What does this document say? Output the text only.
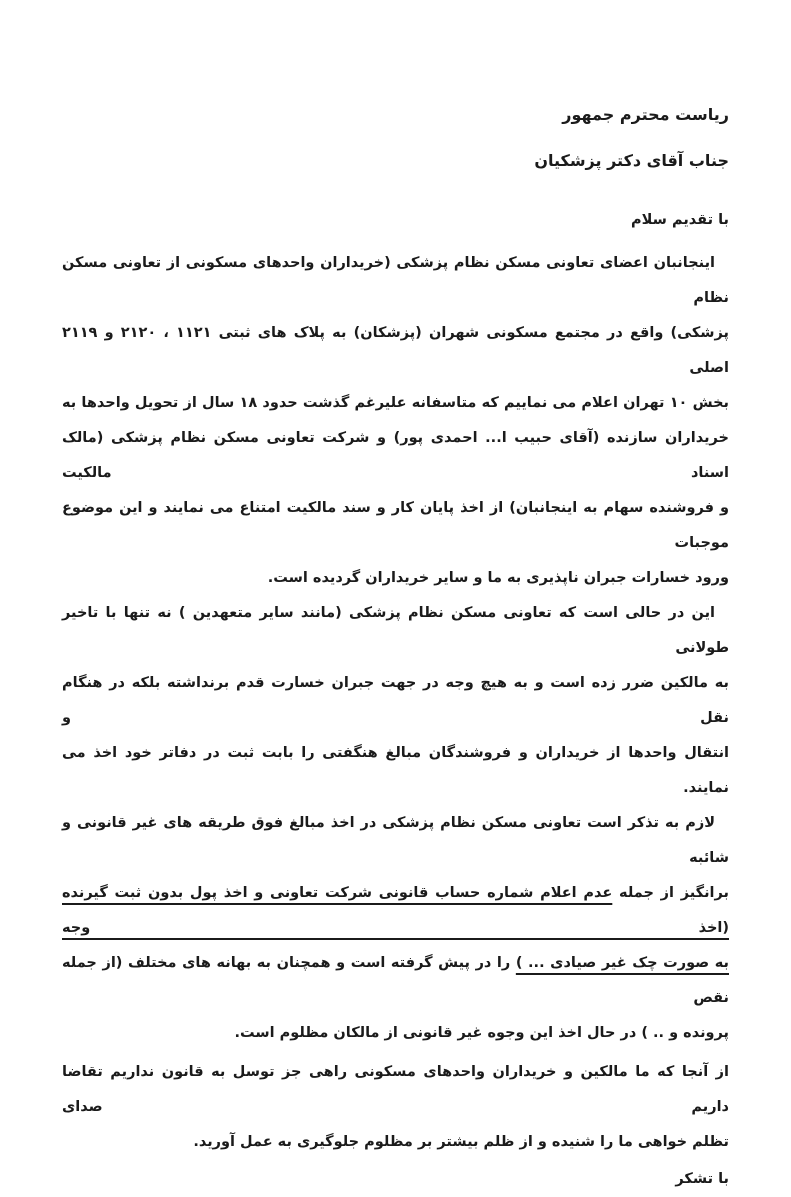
ریاست محترم جمهور
جناب آقای دکتر پزشکیان
با تقدیم سلام
اینجانبان اعضای تعاونی مسکن نظام پزشکی (خریداران واحدهای مسکونی از تعاونی مسکن نظام
پزشکی) واقع در مجتمع مسکونی شهران (پزشکان) به پلاک های ثبتی ۱۱۲۱ ، ۲۱۲۰ و ۲۱۱۹ اصلی
بخش ۱۰ تهران اعلام می نماییم که متاسفانه علیرغم گذشت حدود ۱۸ سال از تحویل واحدها به
خریداران سازنده (آقای حبیب ا... احمدی پور) و شرکت تعاونی مسکن نظام پزشکی (مالک اسناد مالکیت
و فروشنده سهام به اینجانبان) از اخذ پایان کار و سند مالکیت امتناع می نمایند و این موضوع موجبات
ورود خسارات جبران ناپذیری به ما و سایر خریداران گردیده است.
این در حالی است که تعاونی مسکن نظام پزشکی (مانند سایر متعهدین ) نه تنها با تاخیر طولانی
به مالکین ضرر زده است و به هیچ وجه در جهت جبران خسارت قدم برنداشته بلکه در هنگام نقل و
انتقال واحدها از خریداران و فروشندگان مبالغ هنگفتی را بابت ثبت در دفاتر خود اخذ می نمایند.
لازم به تذکر است تعاونی مسکن نظام پزشکی در اخذ مبالغ فوق طریقه های غیر قانونی و شائبه
برانگیز از جمله عدم اعلام شماره حساب قانونی شرکت تعاونی و اخذ پول بدون ثبت گیرنده (اخذ وجه
به صورت چک غیر صیادی ... ) را در پیش گرفته است و همچنان به بهانه های مختلف (از جمله نقص
پرونده و .. ) در حال اخذ این وجوه غیر قانونی از مالکان مظلوم است.
از آنجا که ما مالکین و خریداران واحدهای مسکونی راهی جز توسل به قانون نداریم تقاضا داریم صدای
تظلم خواهی ما را شنیده و از ظلم بیشتر بر مظلوم جلوگیری به عمل آورید.
با تشکر
